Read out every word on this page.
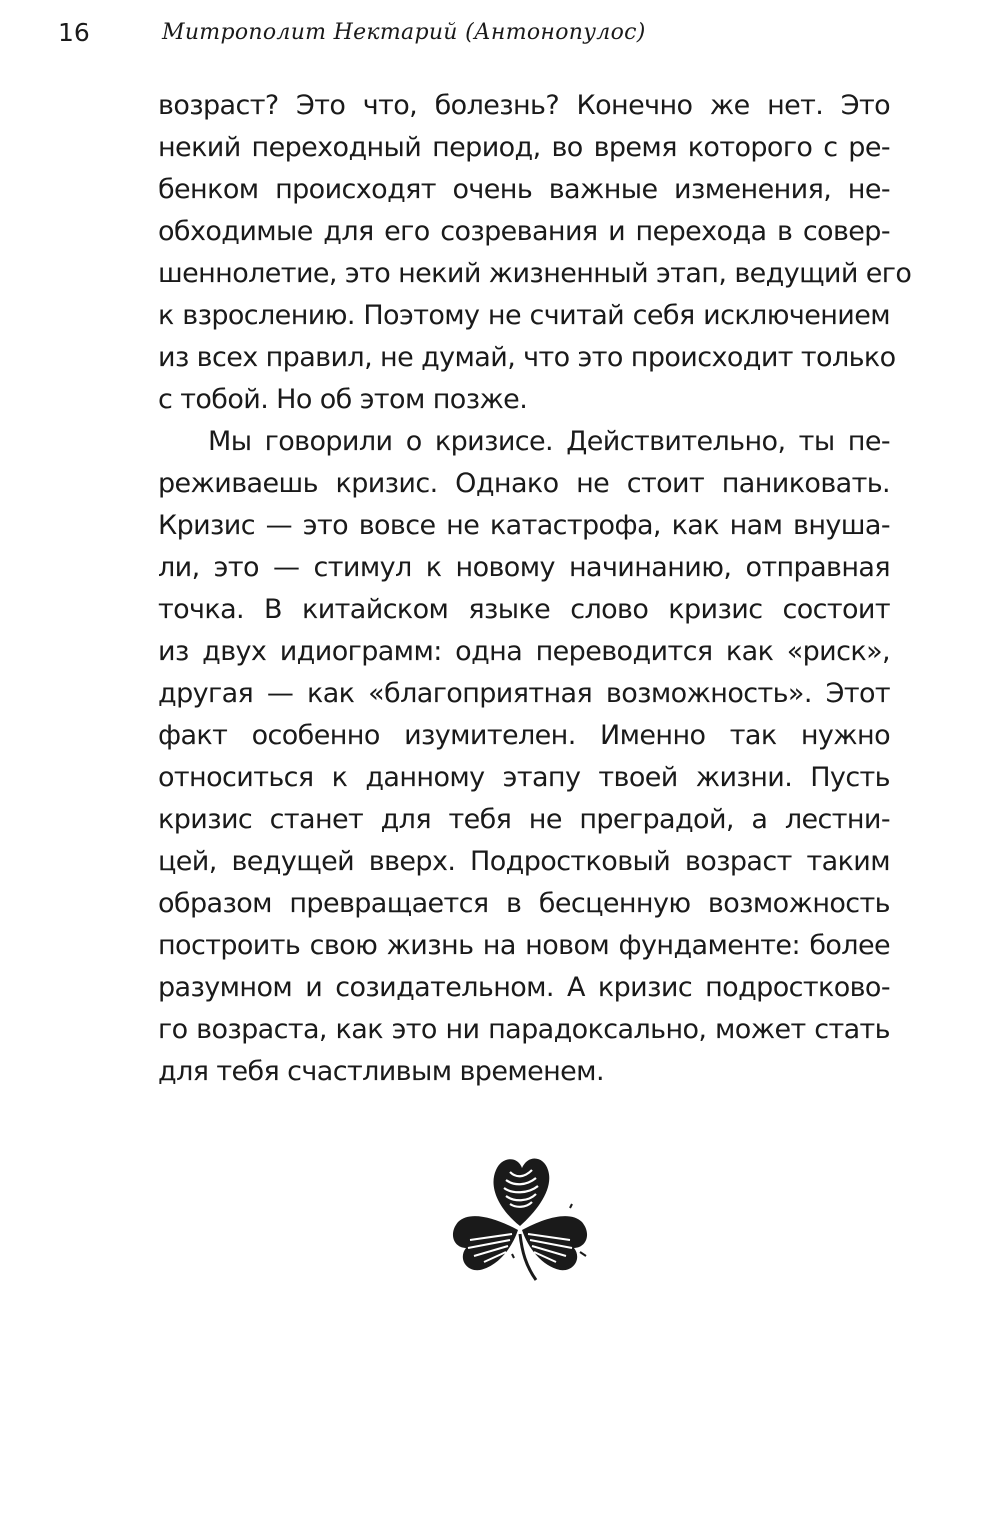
16	Митрополит Нектарий (Антонопулос)
возраст? Это что, болезнь? Конечно же нет. Это
некий переходный период, во время которого с ре-
бенком происходят очень важные изменения, не-
обходимые для его созревания и перехода в совер-
шеннолетие, это некий жизненный этап, ведущий его
к взрослению. Поэтому не считай себя исключением
из всех правил, не думай, что это происходит только
с тобой. Но об этом позже.
Мы говорили о кризисе. Действительно, ты пе-
реживаешь кризис. Однако не стоит паниковать.
Кризис — это вовсе не катастрофа, как нам внуша-
ли, это — стимул к новому начинанию, отправная
точка. В китайском языке слово кризис состоит
из двух идиограмм: одна переводится как «риск»,
другая — как «благоприятная возможность». Этот
факт особенно изумителен. Именно так нужно
относиться к данному этапу твоей жизни. Пусть
кризис станет для тебя не преградой, а лестни-
цей, ведущей вверх. Подростковый возраст таким
образом превращается в бесценную возможность
построить свою жизнь на новом фундаменте: более
разумном и созидательном. А кризис подростково-
го возраста, как это ни парадоксально, может стать
для тебя счастливым временем.
